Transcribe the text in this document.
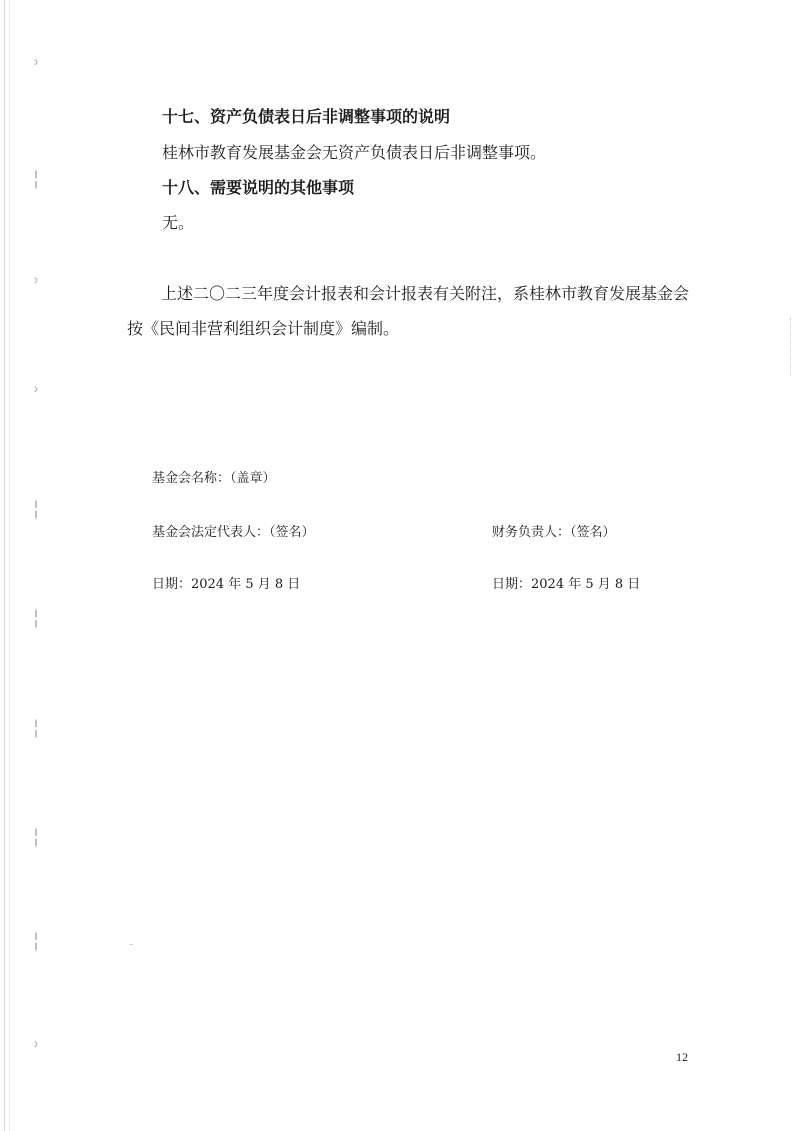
ʾ
¦
ʾ
ʾ
¦
¦
¦
¦
¦
ʾ
十七、资产负债表日后非调整事项的说明
桂林市教育发展基金会无资产负债表日后非调整事项。
十八、需要说明的其他事项
无。
上述二〇二三年度会计报表和会计报表有关附注，系桂林市教育发展基金会
按《民间非营利组织会计制度》编制。
基金会名称：（盖章）
基金会法定代表人：（签名）	财务负责人：（签名）
日期：2024 年 5 月 8 日	日期：2024 年 5 月 8 日
12
